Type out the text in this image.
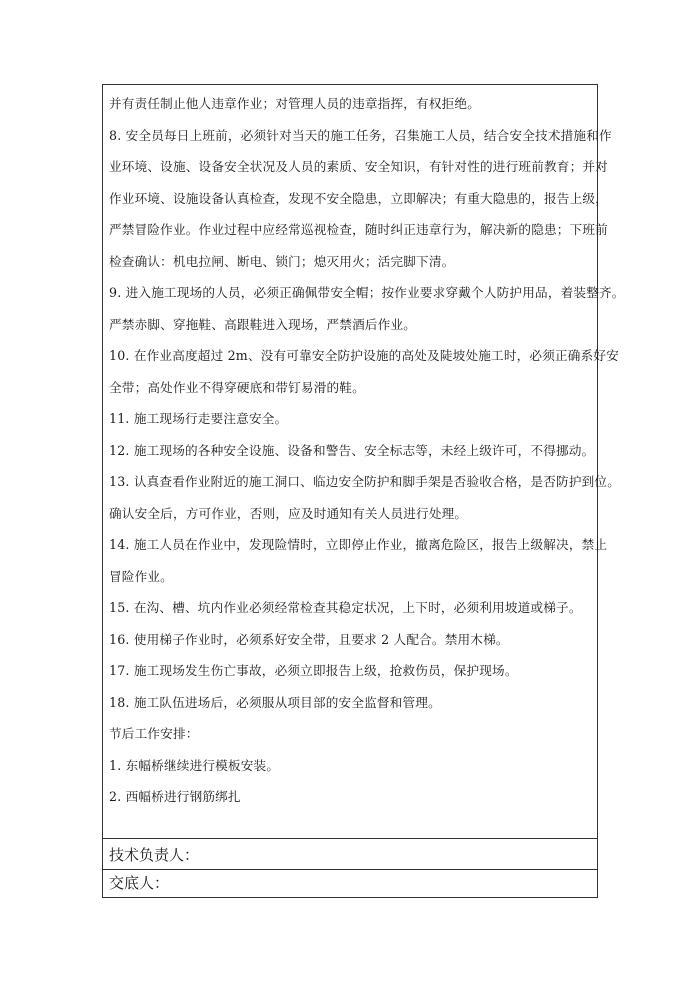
并有责任制止他人违章作业；对管理人员的违章指挥，有权拒绝。
8. 安全员每日上班前，必须针对当天的施工任务，召集施工人员，结合安全技术措施和作
业环境、设施、设备安全状况及人员的素质、安全知识，有针对性的进行班前教育；并对
作业环境、设施设备认真检查，发现不安全隐患，立即解决；有重大隐患的，报告上级，
严禁冒险作业。作业过程中应经常巡视检查，随时纠正违章行为，解决新的隐患；下班前
检查确认：机电拉闸、断电、锁门；熄灭用火；活完脚下清。
9. 进入施工现场的人员，必须正确佩带安全帽；按作业要求穿戴个人防护用品，着装整齐。
严禁赤脚、穿拖鞋、高跟鞋进入现场，严禁酒后作业。
10. 在作业高度超过 2m、没有可靠安全防护设施的高处及陡坡处施工时，必须正确系好安
全带；高处作业不得穿硬底和带钉易滑的鞋。
11. 施工现场行走要注意安全。
12. 施工现场的各种安全设施、设备和警告、安全标志等，未经上级许可，不得挪动。
13. 认真查看作业附近的施工洞口、临边安全防护和脚手架是否验收合格，是否防护到位。
确认安全后，方可作业，否则，应及时通知有关人员进行处理。
14. 施工人员在作业中，发现险情时，立即停止作业，撤离危险区，报告上级解决，禁止
冒险作业。
15. 在沟、槽、坑内作业必须经常检查其稳定状况，上下时，必须利用坡道或梯子。
16. 使用梯子作业时，必须系好安全带，且要求 2 人配合。禁用木梯。
17. 施工现场发生伤亡事故，必须立即报告上级，抢救伤员，保护现场。
18. 施工队伍进场后，必须服从项目部的安全监督和管理。
节后工作安排：
1. 东幅桥继续进行模板安装。
2. 西幅桥进行钢筋绑扎
技术负责人：
交底人：
